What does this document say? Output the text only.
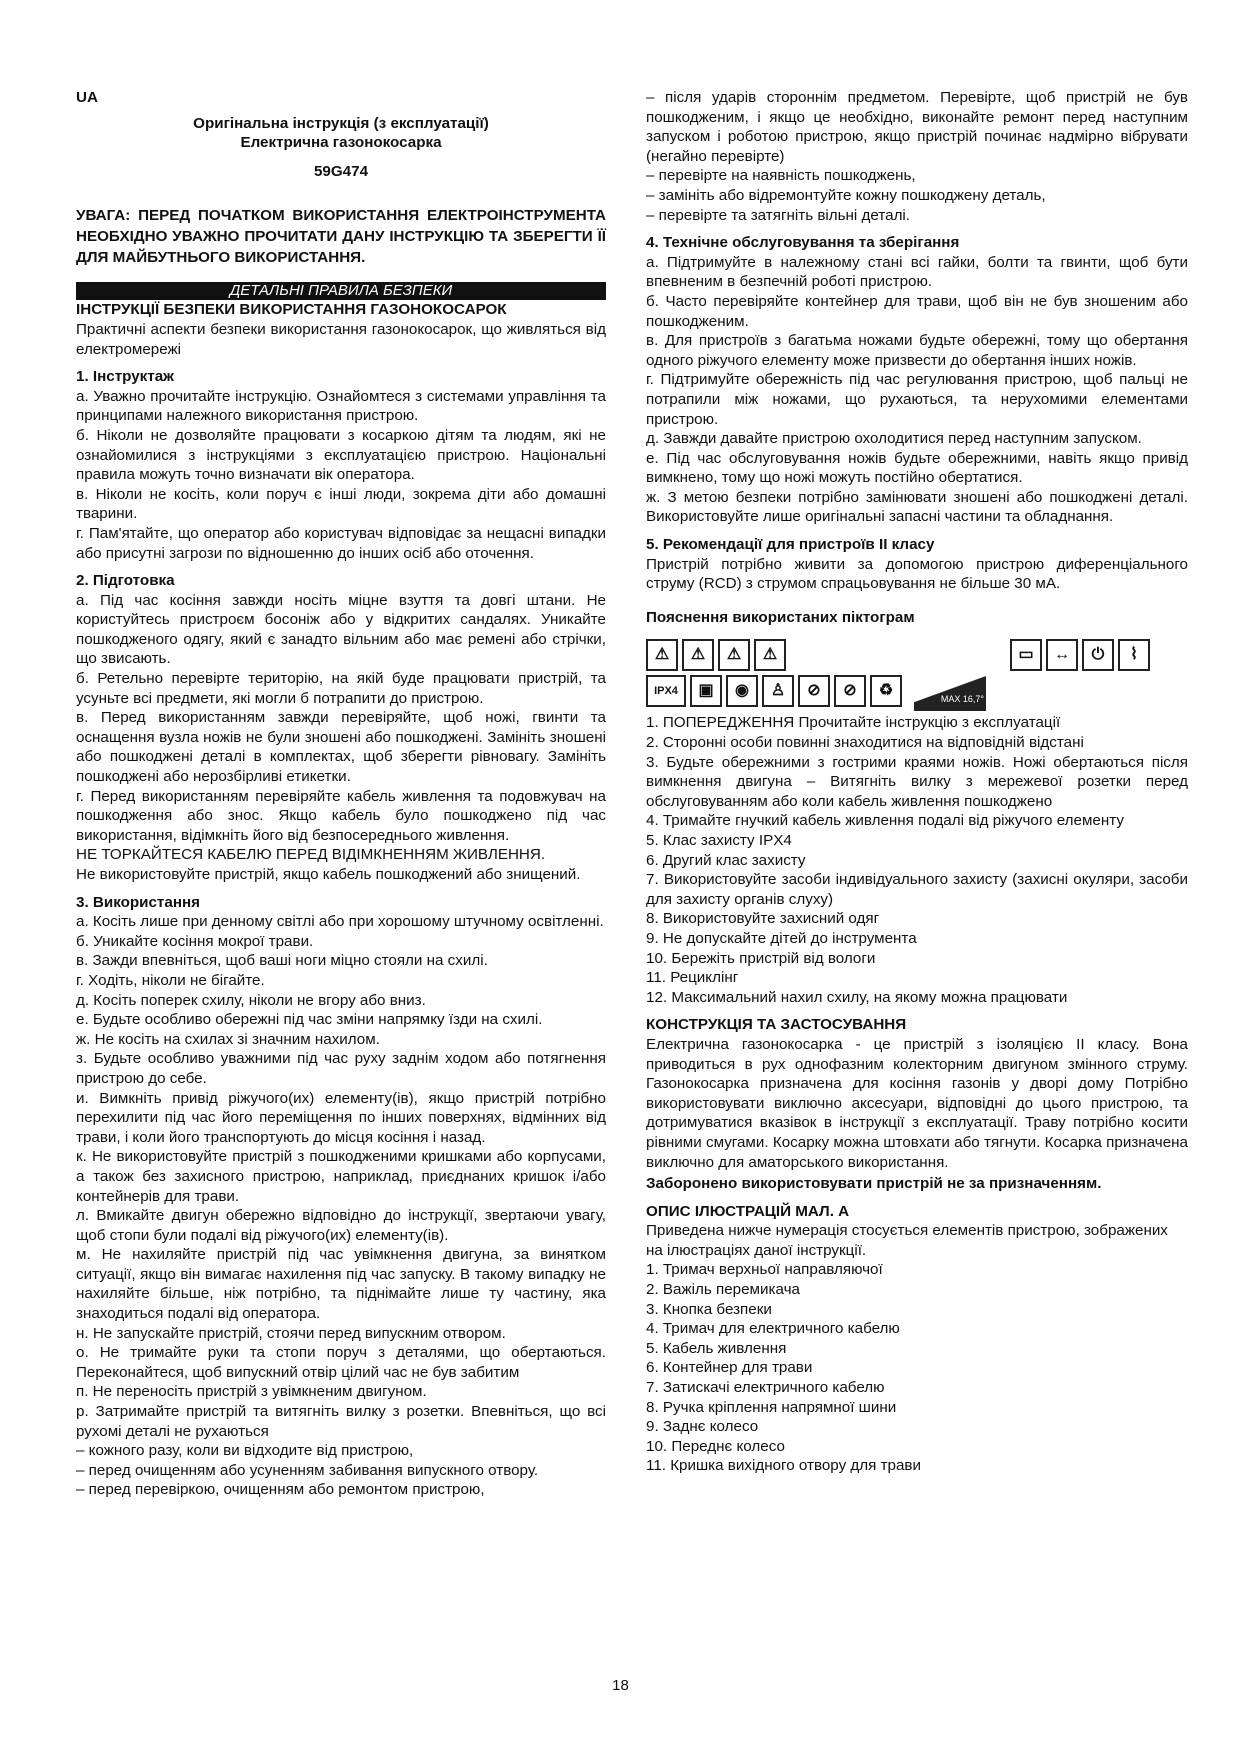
UA

Оригінальна інструкція (з експлуатації)

Електрична газонокосарка

59G474

УВАГА: ПЕРЕД ПОЧАТКОМ ВИКОРИСТАННЯ ЕЛЕКТРОІНСТРУМЕНТА НЕОБХІДНО УВАЖНО ПРОЧИТАТИ ДАНУ ІНСТРУКЦІЮ ТА ЗБЕРЕГТИ ЇЇ ДЛЯ МАЙБУТНЬОГО ВИКОРИСТАННЯ.

ДЕТАЛЬНІ ПРАВИЛА БЕЗПЕКИ

ІНСТРУКЦІЇ БЕЗПЕКИ ВИКОРИСТАННЯ ГАЗОНОКОСАРОК

Практичні аспекти безпеки використання газонокосарок, що живляться від електромережі

1. Інструктаж

а. Уважно прочитайте інструкцію. Ознайомтеся з системами управління та принципами належного використання пристрою.

б. Ніколи не дозволяйте працювати з косаркою дітям та людям, які не ознайомилися з інструкціями з експлуатацією пристрою. Національні правила можуть точно визначати вік оператора.

в. Ніколи не косіть, коли поруч є інші люди, зокрема діти або домашні тварини.

г. Пам'ятайте, що оператор або користувач відповідає за нещасні випадки або присутні загрози по відношенню до інших осіб або оточення.

2. Підготовка

а. Під час косіння завжди носіть міцне взуття та довгі штани. Не користуйтесь пристроєм босоніж або у відкритих сандалях. Уникайте пошкодженого одягу, який є занадто вільним або має ремені або стрічки, що звисають.

б. Ретельно перевірте територію, на якій буде працювати пристрій, та усуньте всі предмети, які могли б потрапити до пристрою.

в. Перед використанням завжди перевіряйте, щоб ножі, гвинти та оснащення вузла ножів не були зношені або пошкоджені. Замініть зношені або пошкоджені деталі в комплектах, щоб зберегти рівновагу. Замініть пошкоджені або нерозбірливі етикетки.

г. Перед використанням перевіряйте кабель живлення та подовжувач на пошкодження або знос. Якщо кабель було пошкоджено під час використання, відімкніть його від безпосереднього живлення.

НЕ ТОРКАЙТЕСЯ КАБЕЛЮ ПЕРЕД ВІДІМКНЕННЯМ ЖИВЛЕННЯ.

Не використовуйте пристрій, якщо кабель пошкоджений або знищений.

3. Використання

а. Косіть лише при денному світлі або при хорошому штучному освітленні.

б. Уникайте косіння мокрої трави.

в. Зажди впевніться, щоб ваші ноги міцно стояли на схилі.

г. Ходіть, ніколи не бігайте.

д. Косіть поперек схилу, ніколи не вгору або вниз.

е. Будьте особливо обережні під час зміни напрямку їзди на схилі.

ж. Не косіть на схилах зі значним нахилом.

з. Будьте особливо уважними під час руху заднім ходом або потягнення пристрою до себе.

и. Вимкніть привід ріжучого(их) елементу(ів), якщо пристрій потрібно перехилити під час його переміщення по інших поверхнях, відмінних від трави, і коли його транспортують до місця косіння і назад.

к. Не використовуйте пристрій з пошкодженими кришками або корпусами, а також без захисного пристрою, наприклад, приєднаних кришок і/або контейнерів для трави.

л. Вмикайте двигун обережно відповідно до інструкції, звертаючи увагу, щоб стопи були подалі від ріжучого(их) елементу(ів).

м. Не нахиляйте пристрій під час увімкнення двигуна, за винятком ситуації, якщо він вимагає нахилення під час запуску. В такому випадку не нахиляйте більше, ніж потрібно, та піднімайте лише ту частину, яка знаходиться подалі від оператора.

н. Не запускайте пристрій, стоячи перед випускним отвором.

о. Не тримайте руки та стопи поруч з деталями, що обертаються. Переконайтеся, щоб випускний отвір цілий час не був забитим

п. Не переносіть пристрій з увімкненим двигуном.

р. Затримайте пристрій та витягніть вилку з розетки. Впевніться, що всі рухомі деталі не рухаються

– кожного разу, коли ви відходите від пристрою,

– перед очищенням або усуненням забивання випускного отвору.

– перед перевіркою, очищенням або ремонтом пристрою,

– після ударів стороннім предметом. Перевірте, щоб пристрій не був пошкодженим, і якщо це необхідно, виконайте ремонт перед наступним запуском і роботою пристрою, якщо пристрій починає надмірно вібрувати (негайно перевірте)

– перевірте на наявність пошкоджень,

– замініть або відремонтуйте кожну пошкоджену деталь,

– перевірте та затягніть вільні деталі.

4. Технічне обслуговування та зберігання

а. Підтримуйте в належному стані всі гайки, болти та гвинти, щоб бути впевненим в безпечній роботі пристрою.

б. Часто перевіряйте контейнер для трави, щоб він не був зношеним або пошкодженим.

в. Для пристроїв з багатьма ножами будьте обережні, тому що обертання одного ріжучого елементу може призвести до обертання інших ножів.

г. Підтримуйте обережність під час регулювання пристрою, щоб пальці не потрапили між ножами, що рухаються, та нерухомими елементами пристрою.

д. Завжди давайте пристрою охолодитися перед наступним запуском.

е. Під час обслуговування ножів будьте обережними, навіть якщо привід вимкнено, тому що ножі можуть постійно обертатися.

ж. З метою безпеки потрібно замінювати зношені або пошкоджені деталі. Використовуйте лише оригінальні запасні частини та обладнання.

5. Рекомендації для пристроїв ІІ класу

Пристрій потрібно живити за допомогою пристрою диференціального струму (RCD) з струмом спрацьовування не більше 30 мА.

Пояснення використаних піктограм

⚠ ⚠ ⚠ ⚠	▭ ↔ ⏻ ⌇
IPX4	▣ ◉ ♙ ⊘ ⊘ ♻	MAX 16,7°

1. ПОПЕРЕДЖЕННЯ Прочитайте інструкцію з експлуатації

2. Сторонні особи повинні знаходитися на відповідній відстані

3. Будьте обережними з гострими краями ножів. Ножі обертаються після вимкнення двигуна – Витягніть вилку з мережевої розетки перед обслуговуванням або коли кабель живлення пошкоджено

4. Тримайте гнучкий кабель живлення подалі від ріжучого елементу

5. Клас захисту IPX4

6. Другий клас захисту

7. Використовуйте засоби індивідуального захисту (захисні окуляри, засоби для захисту органів слуху)

8. Використовуйте захисний одяг

9. Не допускайте дітей до інструмента

10. Бережіть пристрій від вологи

11. Рециклінг

12. Максимальний нахил схилу, на якому можна працювати

КОНСТРУКЦІЯ ТА ЗАСТОСУВАННЯ

Електрична газонокосарка - це пристрій з ізоляцією ІІ класу. Вона приводиться в рух однофазним колекторним двигуном змінного струму. Газонокосарка призначена для косіння газонів у дворі дому Потрібно використовувати виключно аксесуари, відповідні до цього пристрою, та дотримуватися вказівок в інструкції з експлуатації. Траву потрібно косити рівними смугами. Косарку можна штовхати або тягнути. Косарка призначена виключно для аматорського використання.

Заборонено використовувати пристрій не за призначенням.

ОПИС ІЛЮСТРАЦІЙ МАЛ. А

Приведена нижче нумерація стосується елементів пристрою, зображених на ілюстраціях даної інструкції.

1. Тримач верхньої направляючої

2. Важіль перемикача

3. Кнопка безпеки

4. Тримач для електричного кабелю

5. Кабель живлення

6. Контейнер для трави

7. Затискачі електричного кабелю

8. Ручка кріплення напрямної шини

9. Заднє колесо

10. Переднє колесо

11. Кришка вихідного отвору для трави

18
